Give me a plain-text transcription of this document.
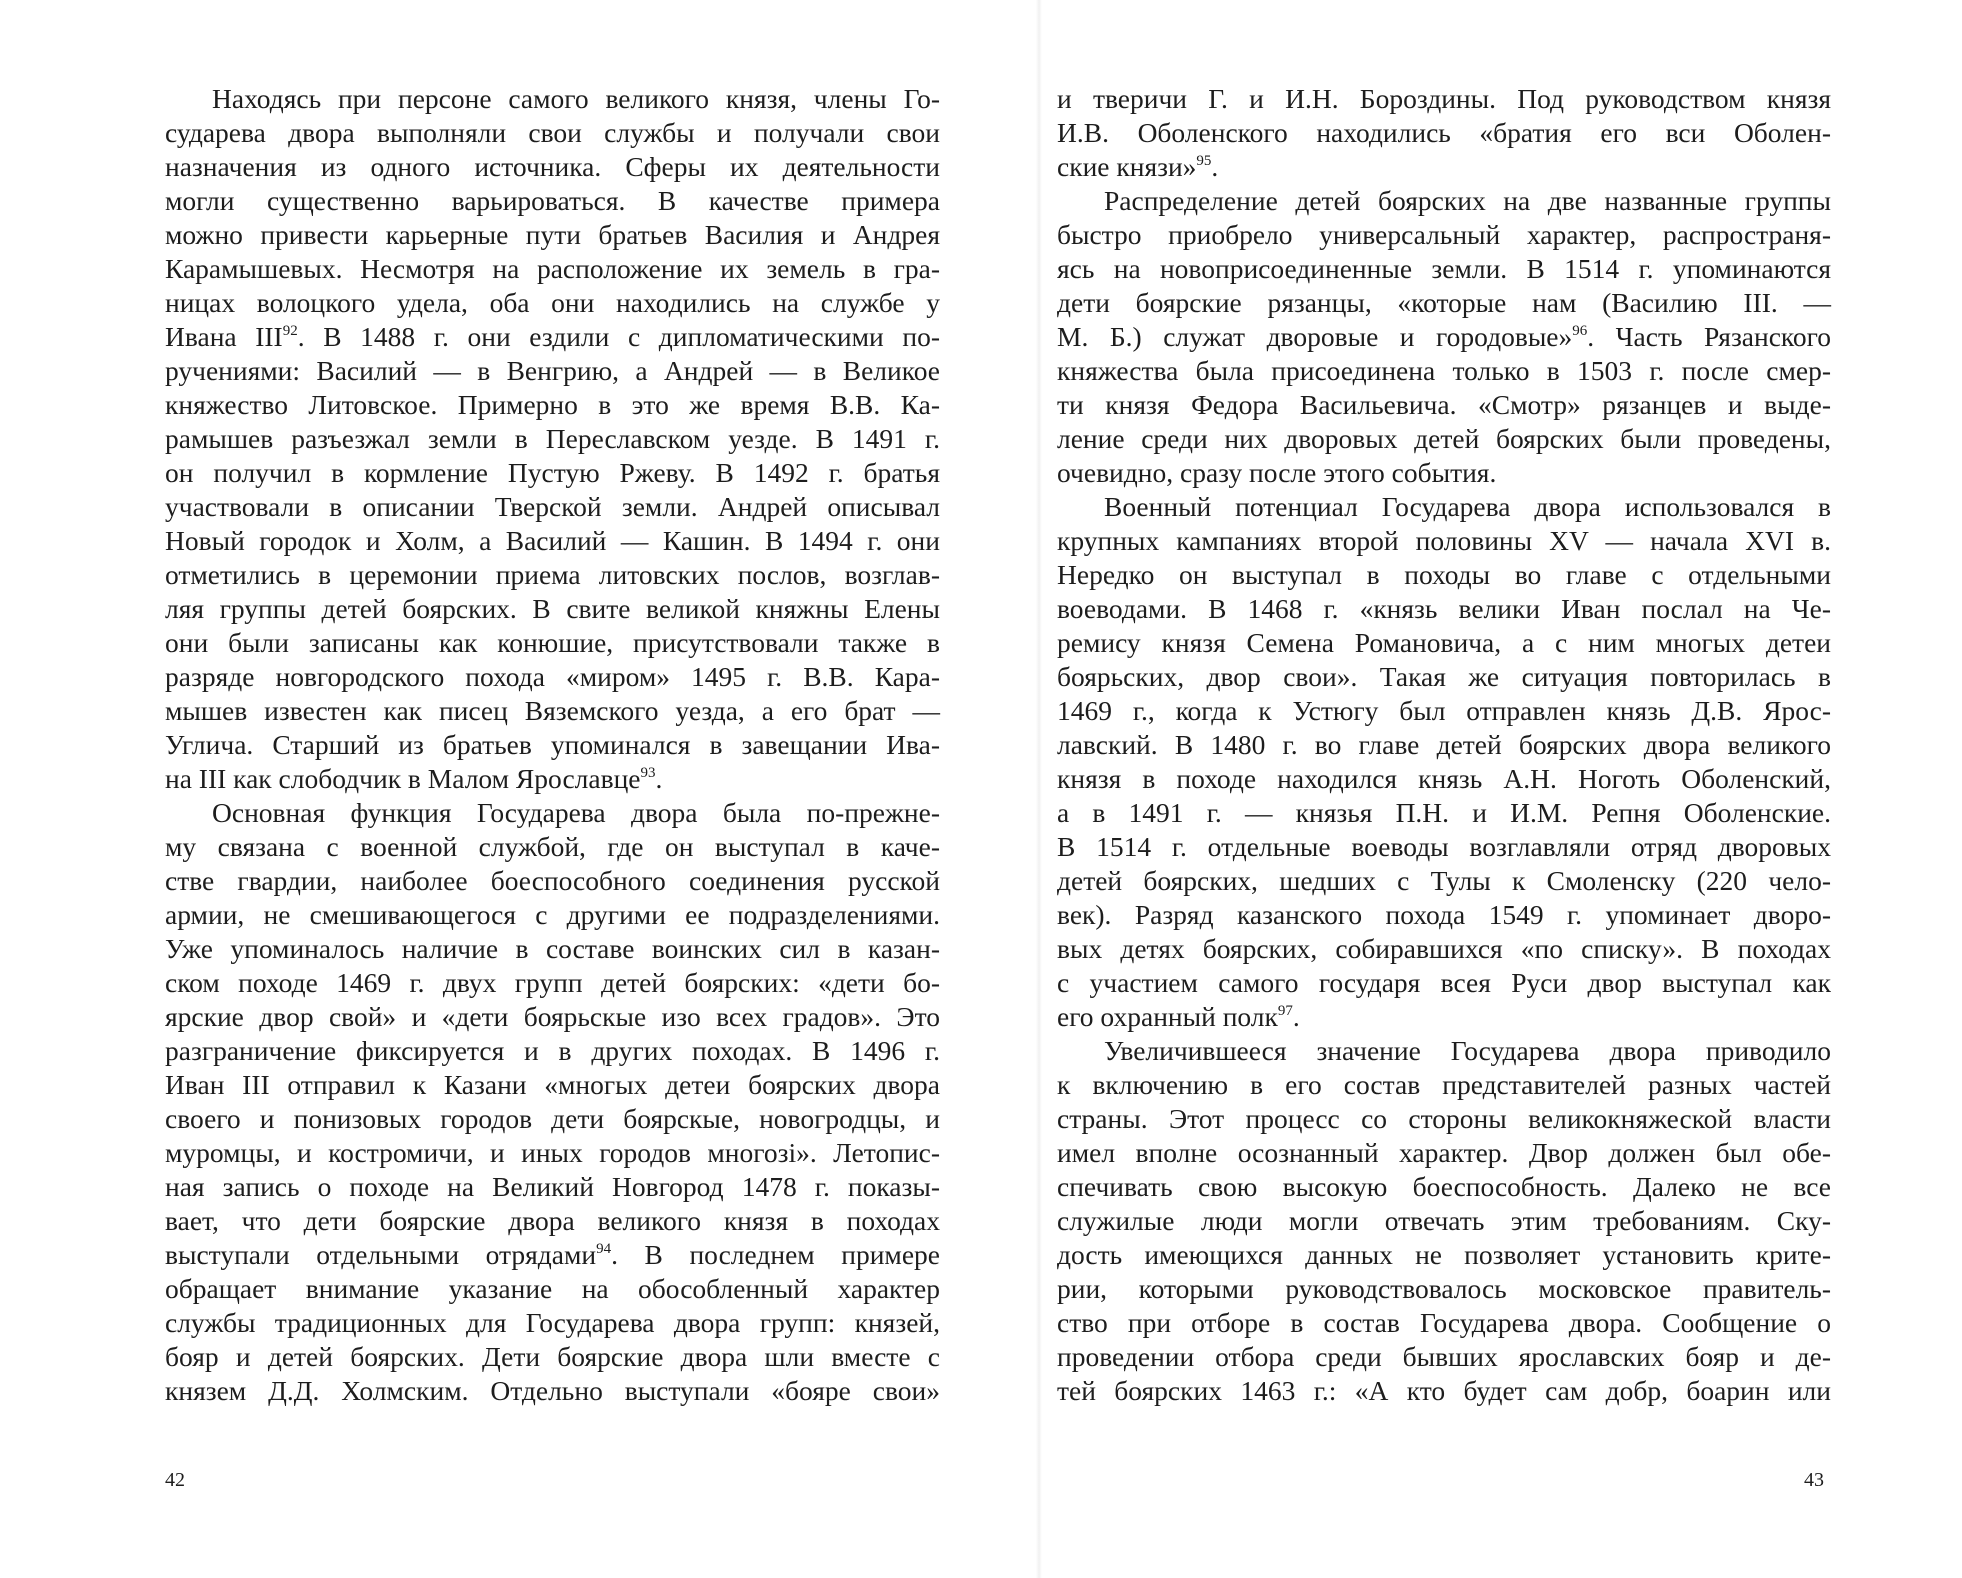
Находясь при персоне самого великого князя, члены Го-
сударева двора выполняли свои службы и получали свои
назначения из одного источника. Сферы их деятельности
могли существенно варьироваться. В качестве примера
можно привести карьерные пути братьев Василия и Андрея
Карамышевых. Несмотря на расположение их земель в гра-
ницах волоцкого удела, оба они находились на службе у
Ивана III$^{92}$. В 1488 г. они ездили с дипломатическими по-
ручениями: Василий — в Венгрию, а Андрей — в Великое
княжество Литовское. Примерно в это же время В.В. Ка-
рамышев разъезжал земли в Переславском уезде. В 1491 г.
он получил в кормление Пустую Ржеву. В 1492 г. братья
участвовали в описании Тверской земли. Андрей описывал
Новый городок и Холм, а Василий — Кашин. В 1494 г. они
отметились в церемонии приема литовских послов, возглав-
ляя группы детей боярских. В свите великой княжны Елены
они были записаны как конюшие, присутствовали также в
разряде новгородского похода «миром» 1495 г. В.В. Кара-
мышев известен как писец Вяземского уезда, а его брат —
Углича. Старший из братьев упоминался в завещании Ива-
на III как слободчик в Малом Ярославце$^{93}$.
Основная функция Государева двора была по-прежне-
му связана с военной службой, где он выступал в каче-
стве гвардии, наиболее боеспособного соединения русской
армии, не смешивающегося с другими ее подразделениями.
Уже упоминалось наличие в составе воинских сил в казан-
ском походе 1469 г. двух групп детей боярских: «дети бо-
ярские двор свой» и «дети боярьскые изо всех градов». Это
разграничение фиксируется и в других походах. В 1496 г.
Иван III отправил к Казани «многых детеи боярских двора
своего и понизовых городов дети боярскые, новогродцы, и
муромцы, и костромичи, и иных городов многозі». Летопис-
ная запись о походе на Великий Новгород 1478 г. показы-
вает, что дети боярские двора великого князя в походах
выступали отдельными отрядами$^{94}$. В последнем примере
обращает внимание указание на обособленный характер
службы традиционных для Государева двора групп: князей,
бояр и детей боярских. Дети боярские двора шли вместе с
князем Д.Д. Холмским. Отдельно выступали «бояре свои»
42
и тверичи Г. и И.Н. Бороздины. Под руководством князя
И.В. Оболенского находились «братия его вси Оболен-
ские князи»$^{95}$.
Распределение детей боярских на две названные группы
быстро приобрело универсальный характер, распространя-
ясь на новоприсоединенные земли. В 1514 г. упоминаются
дети боярские рязанцы, «которые нам (Василию III. —
М. Б.) служат дворовые и городовые»$^{96}$. Часть Рязанского
княжества была присоединена только в 1503 г. после смер-
ти князя Федора Васильевича. «Смотр» рязанцев и выде-
ление среди них дворовых детей боярских были проведены,
очевидно, сразу после этого события.
Военный потенциал Государева двора использовался в
крупных кампаниях второй половины XV — начала XVI в.
Нередко он выступал в походы во главе с отдельными
воеводами. В 1468 г. «князь велики Иван послал на Че-
ремису князя Семена Романовича, а с ним многых детеи
боярьских, двор свои». Такая же ситуация повторилась в
1469 г., когда к Устюгу был отправлен князь Д.В. Ярос-
лавский. В 1480 г. во главе детей боярских двора великого
князя в походе находился князь А.Н. Ноготь Оболенский,
а в 1491 г. — князья П.Н. и И.М. Репня Оболенские.
В 1514 г. отдельные воеводы возглавляли отряд дворовых
детей боярских, шедших с Тулы к Смоленску (220 чело-
век). Разряд казанского похода 1549 г. упоминает дворо-
вых детях боярских, собиравшихся «по списку». В походах
с участием самого государя всея Руси двор выступал как
его охранный полк$^{97}$.
Увеличившееся значение Государева двора приводило
к включению в его состав представителей разных частей
страны. Этот процесс со стороны великокняжеской власти
имел вполне осознанный характер. Двор должен был обе-
спечивать свою высокую боеспособность. Далеко не все
служилые люди могли отвечать этим требованиям. Ску-
дость имеющихся данных не позволяет установить крите-
рии, которыми руководствовалось московское правитель-
ство при отборе в состав Государева двора. Сообщение о
проведении отбора среди бывших ярославских бояр и де-
тей боярских 1463 г.: «А кто будет сам добр, боарин или
43
